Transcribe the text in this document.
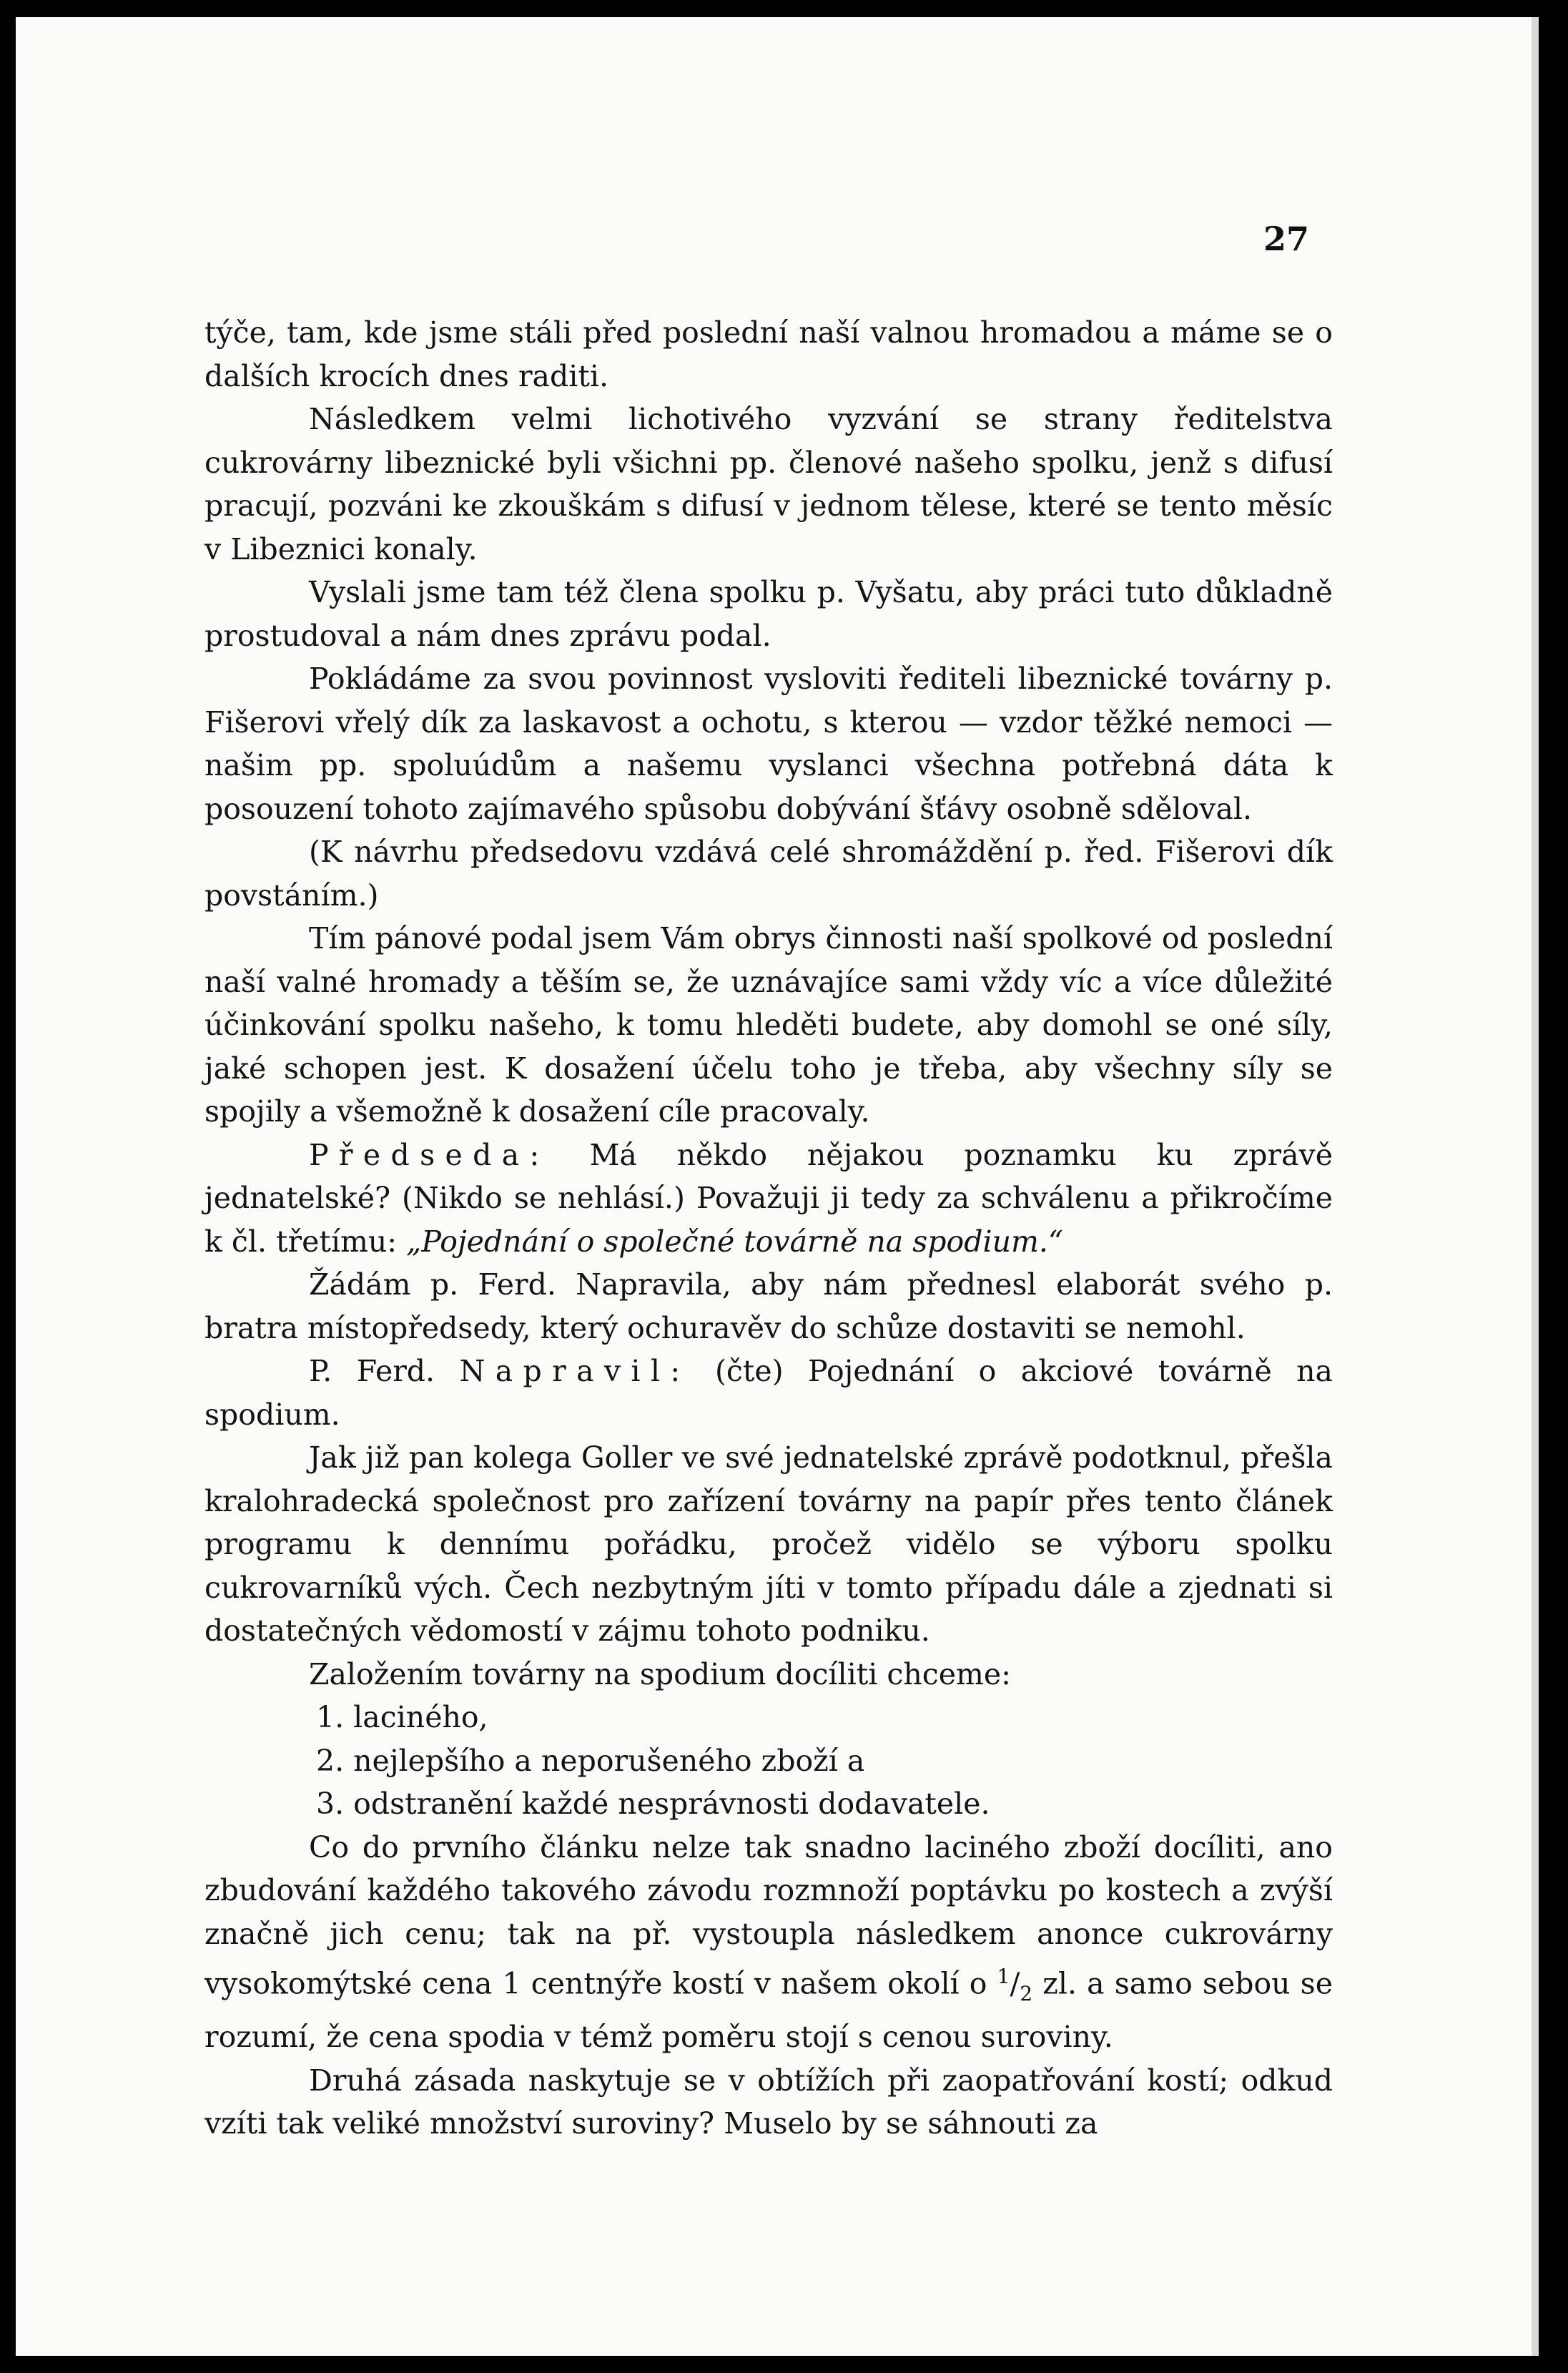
27

týče, tam, kde jsme stáli před poslední naší valnou hromadou a máme se o dalších krocích dnes raditi.

Následkem velmi lichotivého vyzvání se strany ředitelstva cukrovárny libeznické byli všichni pp. členové našeho spolku, jenž s difusí pracují, pozváni ke zkouškám s difusí v jednom tělese, které se tento měsíc v Libeznici konaly.

Vyslali jsme tam též člena spolku p. Vyšatu, aby práci tuto důkladně prostudoval a nám dnes zprávu podal.

Pokládáme za svou povinnost vysloviti řediteli libeznické továrny p. Fišerovi vřelý dík za laskavost a ochotu, s kterou — vzdor těžké nemoci — našim pp. spoluúdům a našemu vyslanci všechna potřebná dáta k posouzení tohoto zajímavého spůsobu dobývání šťávy osobně sděloval.

(K návrhu předsedovu vzdává celé shromáždění p. řed. Fišerovi dík povstáním.)

Tím pánové podal jsem Vám obrys činnosti naší spolkové od poslední naší valné hromady a těším se, že uznávajíce sami vždy víc a více důležité účinkování spolku našeho, k tomu hleděti budete, aby domohl se oné síly, jaké schopen jest. K dosažení účelu toho je třeba, aby všechny síly se spojily a všemožně k dosažení cíle pracovaly.

Předseda: Má někdo nějakou poznamku ku zprávě jednatelské? (Nikdo se nehlásí.) Považuji ji tedy za schválenu a přikročíme k čl. třetímu: „Pojednání o společné továrně na spodium.“

Žádám p. Ferd. Napravila, aby nám přednesl elaborát svého p. bratra místopředsedy, který ochuravěv do schůze dostaviti se nemohl.

P. Ferd. Napravil: (čte) Pojednání o akciové továrně na spodium.

Jak již pan kolega Goller ve své jednatelské zprávě podotknul, přešla kralohradecká společnost pro zařízení továrny na papír přes tento článek programu k dennímu pořádku, pročež vidělo se výboru spolku cukrovarníků vých. Čech nezbytným jíti v tomto případu dále a zjednati si dostatečných vědomostí v zájmu tohoto podniku.

Založením továrny na spodium docíliti chceme:

1. laciného,

2. nejlepšího a neporušeného zboží a

3. odstranění každé nesprávnosti dodavatele.

Co do prvního článku nelze tak snadno laciného zboží docíliti, ano zbudování každého takového závodu rozmnoží poptávku po kostech a zvýší značně jich cenu; tak na př. vystoupla následkem anonce cukrovárny vysokomýtské cena 1 centnýře kostí v našem okolí o $^1/_2$ zl. a samo sebou se rozumí, že cena spodia v témž poměru stojí s cenou suroviny.

Druhá zásada naskytuje se v obtížích při zaopatřování kostí; odkud vzíti tak veliké množství suroviny? Muselo by se sáhnouti za
